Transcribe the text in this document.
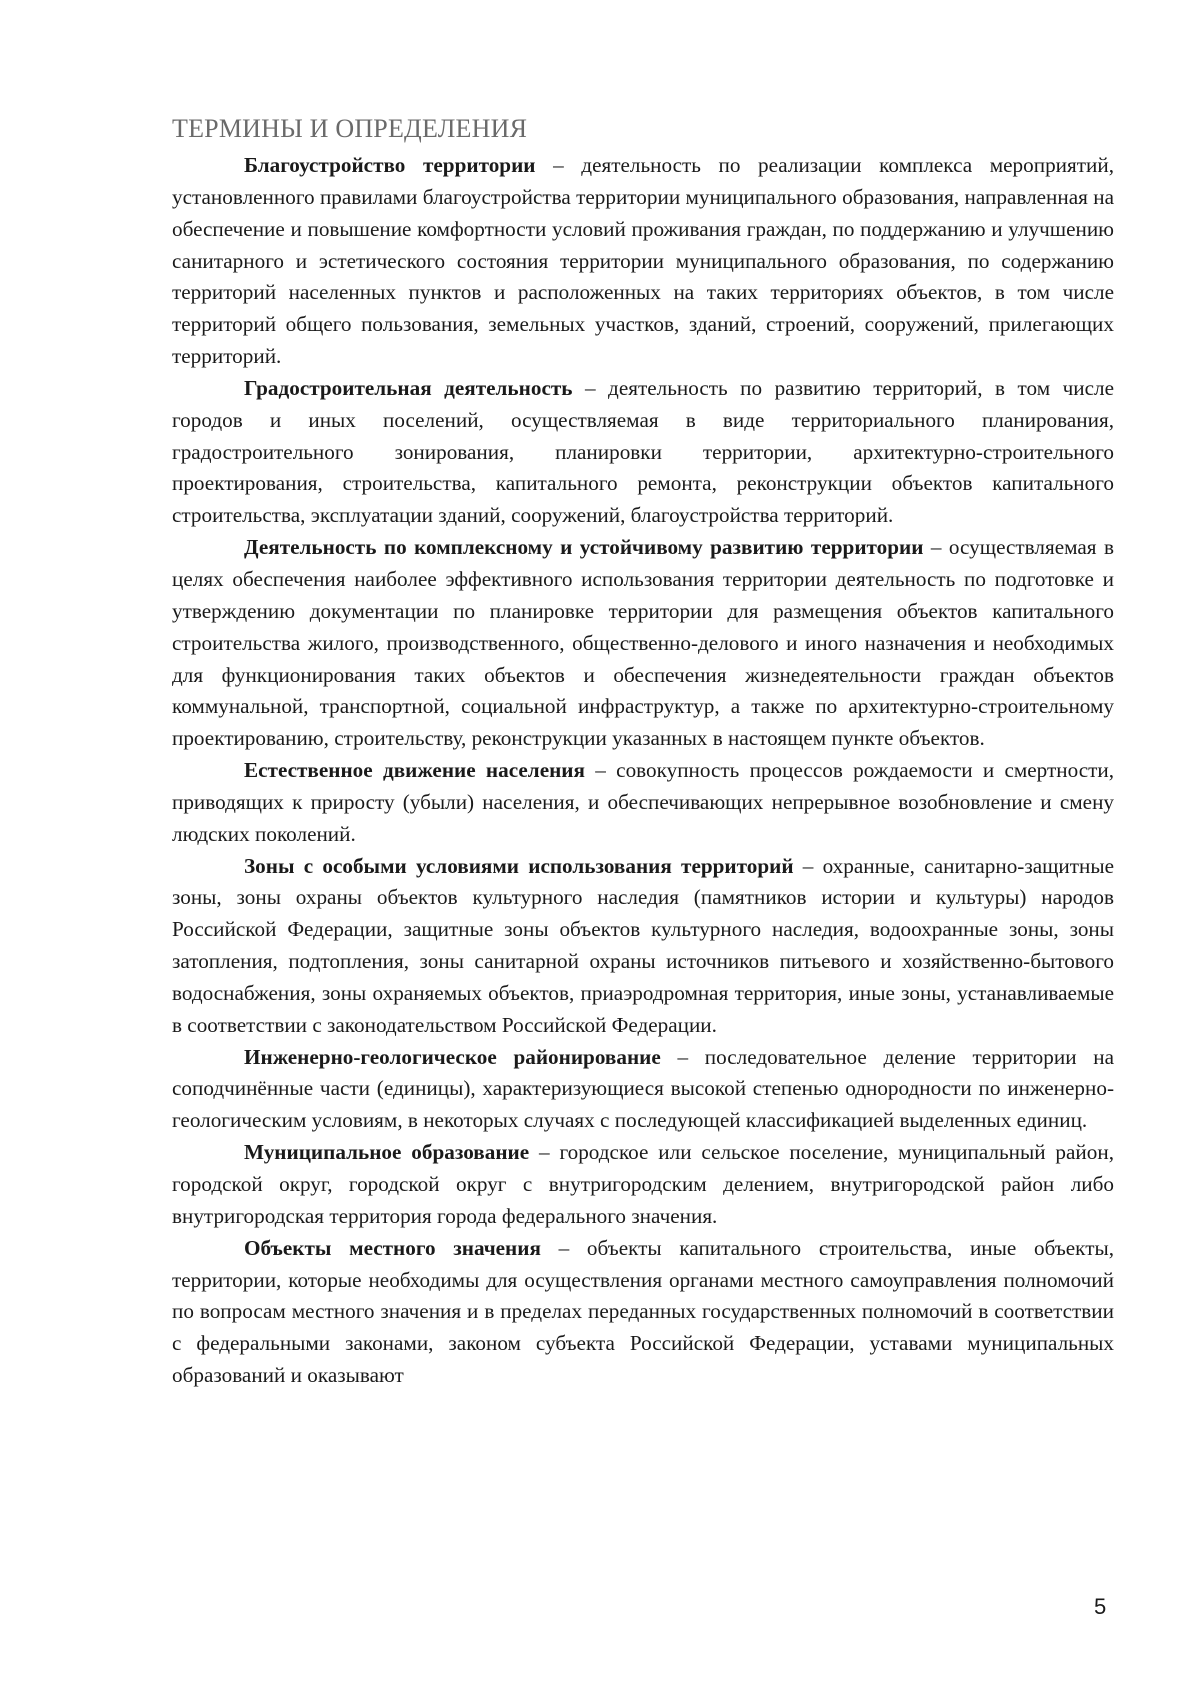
ТЕРМИНЫ И ОПРЕДЕЛЕНИЯ

Благоустройство территории – деятельность по реализации комплекса мероприятий, установленного правилами благоустройства территории муниципального образования, направленная на обеспечение и повышение комфортности условий проживания граждан, по поддержанию и улучшению санитарного и эстетического состояния территории муниципального образования, по содержанию территорий населенных пунктов и расположенных на таких территориях объектов, в том числе территорий общего пользования, земельных участков, зданий, строений, сооружений, прилегающих территорий.

Градостроительная деятельность – деятельность по развитию территорий, в том числе городов и иных поселений, осуществляемая в виде территориального планирования, градостроительного зонирования, планировки территории, архитектурно-строительного проектирования, строительства, капитального ремонта, реконструкции объектов капитального строительства, эксплуатации зданий, сооружений, благоустройства территорий.

Деятельность по комплексному и устойчивому развитию территории – осуществляемая в целях обеспечения наиболее эффективного использования территории деятельность по подготовке и утверждению документации по планировке территории для размещения объектов капитального строительства жилого, производственного, общественно-делового и иного назначения и необходимых для функционирования таких объектов и обеспечения жизнедеятельности граждан объектов коммунальной, транспортной, социальной инфраструктур, а также по архитектурно-строительному проектированию, строительству, реконструкции указанных в настоящем пункте объектов.

Естественное движение населения – совокупность процессов рождаемости и смертности, приводящих к приросту (убыли) населения, и обеспечивающих непрерывное возобновление и смену людских поколений.

Зоны с особыми условиями использования территорий – охранные, санитарно-защитные зоны, зоны охраны объектов культурного наследия (памятников истории и культуры) народов Российской Федерации, защитные зоны объектов культурного наследия, водоохранные зоны, зоны затопления, подтопления, зоны санитарной охраны источников питьевого и хозяйственно-бытового водоснабжения, зоны охраняемых объектов, приаэродромная территория, иные зоны, устанавливаемые в соответствии с законодательством Российской Федерации.

Инженерно-геологическое районирование – последовательное деление территории на соподчинённые части (единицы), характеризующиеся высокой степенью однородности по инженерно-геологическим условиям, в некоторых случаях с последующей классификацией выделенных единиц.

Муниципальное образование – городское или сельское поселение, муниципальный район, городской округ, городской округ с внутригородским делением, внутригородской район либо внутригородская территория города федерального значения.

Объекты местного значения – объекты капитального строительства, иные объекты, территории, которые необходимы для осуществления органами местного самоуправления полномочий по вопросам местного значения и в пределах переданных государственных полномочий в соответствии с федеральными законами, законом субъекта Российской Федерации, уставами муниципальных образований и оказывают

5
